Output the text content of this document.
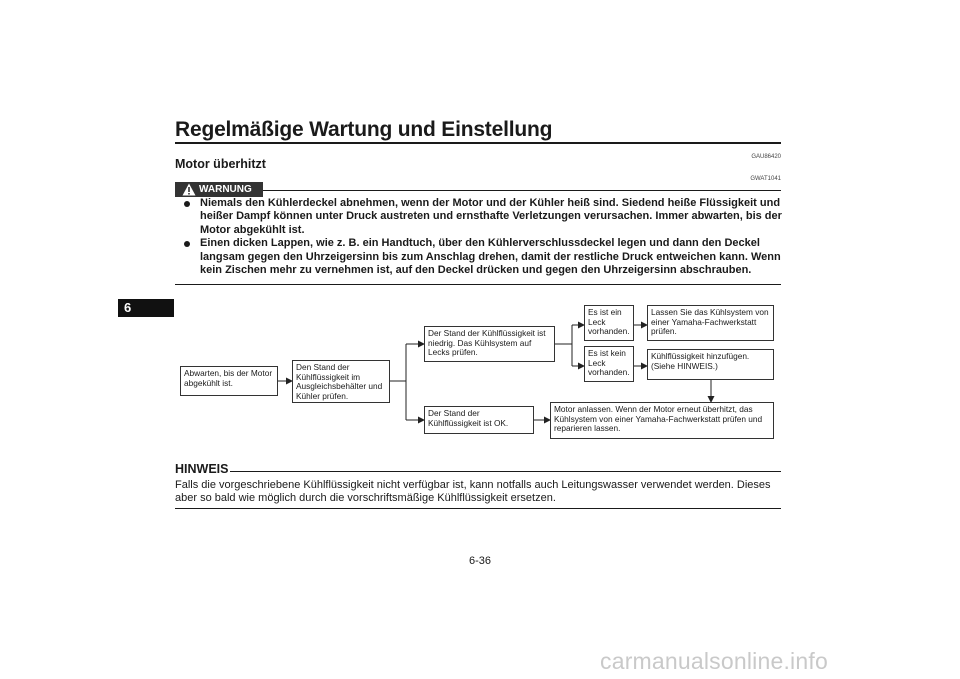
Regelmäßige Wartung und Einstellung
6
GAU86420
Motor überhitzt
WARNUNG
GWAT1041
Niemals den Kühlerdeckel abnehmen, wenn der Motor und der Kühler heiß sind. Siedend heiße Flüssigkeit und heißer Dampf können unter Druck austreten und ernsthafte Verletzungen verursachen. Immer abwarten, bis der Motor abgekühlt ist.
Einen dicken Lappen, wie z. B. ein Handtuch, über den Kühlerverschlussdeckel legen und dann den Deckel langsam gegen den Uhrzeigersinn bis zum Anschlag drehen, damit der restliche Druck entweichen kann. Wenn kein Zischen mehr zu vernehmen ist, auf den Deckel drücken und gegen den Uhrzeigersinn abschrauben.
Abwarten, bis der Motor abgekühlt ist.
Den Stand der Kühlflüssigkeit im Ausgleichsbehälter und Kühler prüfen.
Der Stand der Kühlflüssigkeit ist niedrig. Das Kühlsystem auf Lecks prüfen.
Der Stand der Kühlflüssigkeit ist OK.
Es ist ein Leck vorhanden.
Es ist kein Leck vorhanden.
Lassen Sie das Kühlsystem von einer Yamaha-Fachwerkstatt prüfen.
Kühlflüssigkeit hinzufügen. (Siehe HINWEIS.)
Motor anlassen. Wenn der Motor erneut überhitzt, das Kühlsystem von einer Yamaha-Fachwerkstatt prüfen und reparieren lassen.
HINWEIS
Falls die vorgeschriebene Kühlflüssigkeit nicht verfügbar ist, kann notfalls auch Leitungswasser verwendet werden. Dieses aber so bald wie möglich durch die vorschriftsmäßige Kühlflüssigkeit ersetzen.
6-36
carmanualsonline.info
